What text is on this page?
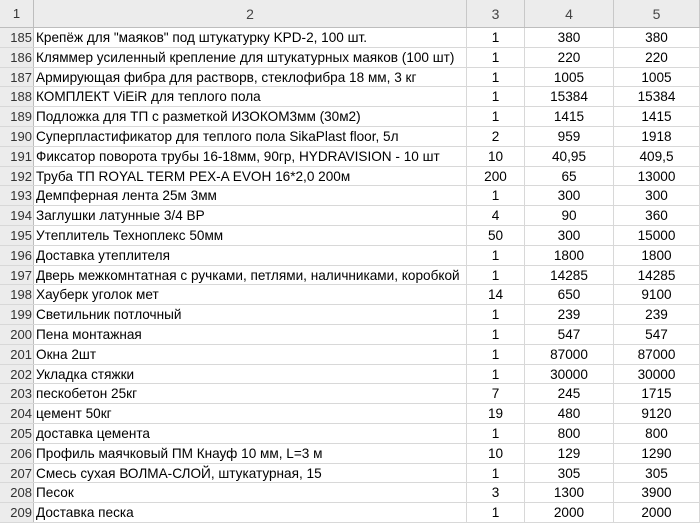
1	2	3	4	5
185 Крепёж для "маяков" под штукатурку KPD-2, 100 шт.	1	380	380
186 Кляммер усиленный крепление для штукатурных маяков (100 шт)	1	220	220
187 Армирующая фибра для растворв, стеклофибра 18 мм, 3 кг	1	1005	1005
188 КОМПЛЕКТ ViEiR для теплого пола	1	15384	15384
189 Подложка для ТП с разметкой ИЗОКОМ3мм (30м2)	1	1415	1415
190 Суперпластификатор для теплого пола SikaPlast floor, 5л	2	959	1918
191 Фиксатор поворота трубы 16-18мм, 90гр, HYDRAVISION - 10 шт	10	40,95	409,5
192 Труба ТП ROYAL TERM PEX-A EVOH 16*2,0 200м	200	65	13000
193 Демпферная лента 25м 3мм	1	300	300
194 Заглушки латунные 3/4 ВР	4	90	360
195 Утеплитель Техноплекс 50мм	50	300	15000
196 Доставка утеплителя	1	1800	1800
197 Дверь межкомнтатная с ручками, петлями, наличниками, коробкой	1	14285	14285
198 Хауберк уголок мет	14	650	9100
199 Светильник потлочный	1	239	239
200 Пена монтажная	1	547	547
201 Окна 2шт	1	87000	87000
202 Укладка стяжки	1	30000	30000
203 пескобетон 25кг	7	245	1715
204 цемент 50кг	19	480	9120
205 доставка цемента	1	800	800
206 Профиль маячковый ПМ Кнауф 10 мм, L=3 м	10	129	1290
207 Смесь сухая ВОЛМА-СЛОЙ, штукатурная, 15	1	305	305
208 Песок	3	1300	3900
209 Доставка песка	1	2000	2000
